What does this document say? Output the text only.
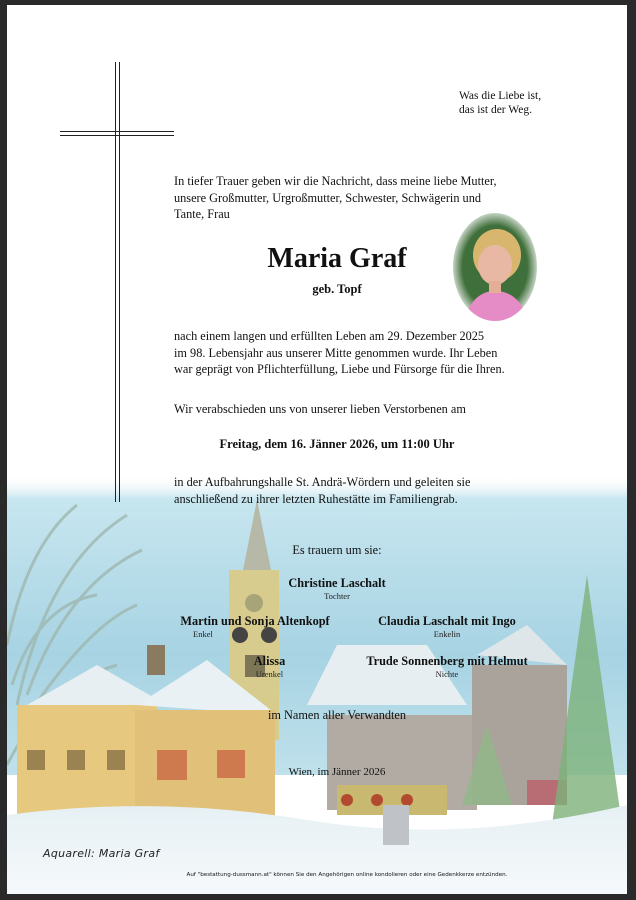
Was die Liebe ist,
das ist der Weg.
In tiefer Trauer geben wir die Nachricht, dass meine liebe Mutter,
unsere Großmutter, Urgroßmutter, Schwester, Schwägerin und
Tante, Frau
Maria Graf
geb. Topf
nach einem langen und erfüllten Leben am 29. Dezember 2025
im 98. Lebensjahr aus unserer Mitte genommen wurde. Ihr Leben
war geprägt von Pflichterfüllung, Liebe und Fürsorge für die Ihren.
Wir verabschieden uns von unserer lieben Verstorbenen am
Freitag, dem 16. Jänner 2026, um 11:00 Uhr
in der Aufbahrungshalle St. Andrä-Wördern und geleiten sie
anschließend zu ihrer letzten Ruhestätte im Familiengrab.
Es trauern um sie:
Christine Laschalt
Tochter
Martin und Sonja Altenkopf
Enkel
Claudia Laschalt mit Ingo
Enkelin
Alissa
Urenkel
Trude Sonnenberg mit Helmut
Nichte
im Namen aller Verwandten
Wien, im Jänner 2026
Aquarell: Maria Graf
Auf "bestattung-dussmann.at" können Sie den Angehörigen online kondolieren oder eine Gedenkkerze entzünden.
